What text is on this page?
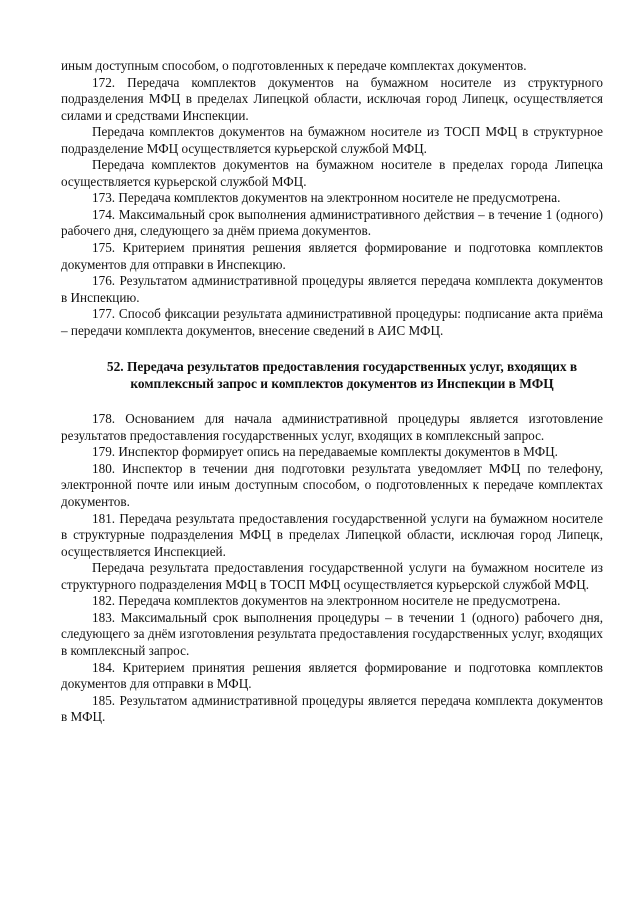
иным доступным способом, о подготовленных к передаче комплектах документов.

172. Передача комплектов документов на бумажном носителе из структурного подразделения МФЦ в пределах Липецкой области, исключая город Липецк, осуществляется силами и средствами Инспекции.

Передача комплектов документов на бумажном носителе из ТОСП МФЦ в структурное подразделение МФЦ осуществляется курьерской службой МФЦ.

Передача комплектов документов на бумажном носителе в пределах города Липецка осуществляется курьерской службой МФЦ.

173. Передача комплектов документов на электронном носителе не предусмотрена.

174. Максимальный срок выполнения административного действия – в течение 1 (одного) рабочего дня, следующего за днём приема документов.

175. Критерием принятия решения является формирование и подготовка комплектов документов для отправки в Инспекцию.

176. Результатом административной процедуры является передача комплекта документов в Инспекцию.

177. Способ фиксации результата административной процедуры: подписание акта приёма – передачи комплекта документов, внесение сведений в АИС МФЦ.

52. Передача результатов предоставления государственных услуг, входящих в комплексный запрос и комплектов документов из Инспекции в МФЦ

178. Основанием для начала административной процедуры является изготовление результатов предоставления государственных услуг, входящих в комплексный запрос.

179. Инспектор формирует опись на передаваемые комплекты документов в МФЦ.

180. Инспектор в течении дня подготовки результата уведомляет МФЦ по телефону, электронной почте или иным доступным способом, о подготовленных к передаче комплектах документов.

181. Передача результата предоставления государственной услуги на бумажном носителе в структурные подразделения МФЦ в пределах Липецкой области, исключая город Липецк, осуществляется Инспекцией.

Передача результата предоставления государственной услуги на бумажном носителе из структурного подразделения МФЦ в ТОСП МФЦ осуществляется курьерской службой МФЦ.

182. Передача комплектов документов на электронном носителе не предусмотрена.

183. Максимальный срок выполнения процедуры – в течении 1 (одного) рабочего дня, следующего за днём изготовления результата предоставления государственных услуг, входящих в комплексный запрос.

184. Критерием принятия решения является формирование и подготовка комплектов документов для отправки в МФЦ.

185. Результатом административной процедуры является передача комплекта документов в МФЦ.
